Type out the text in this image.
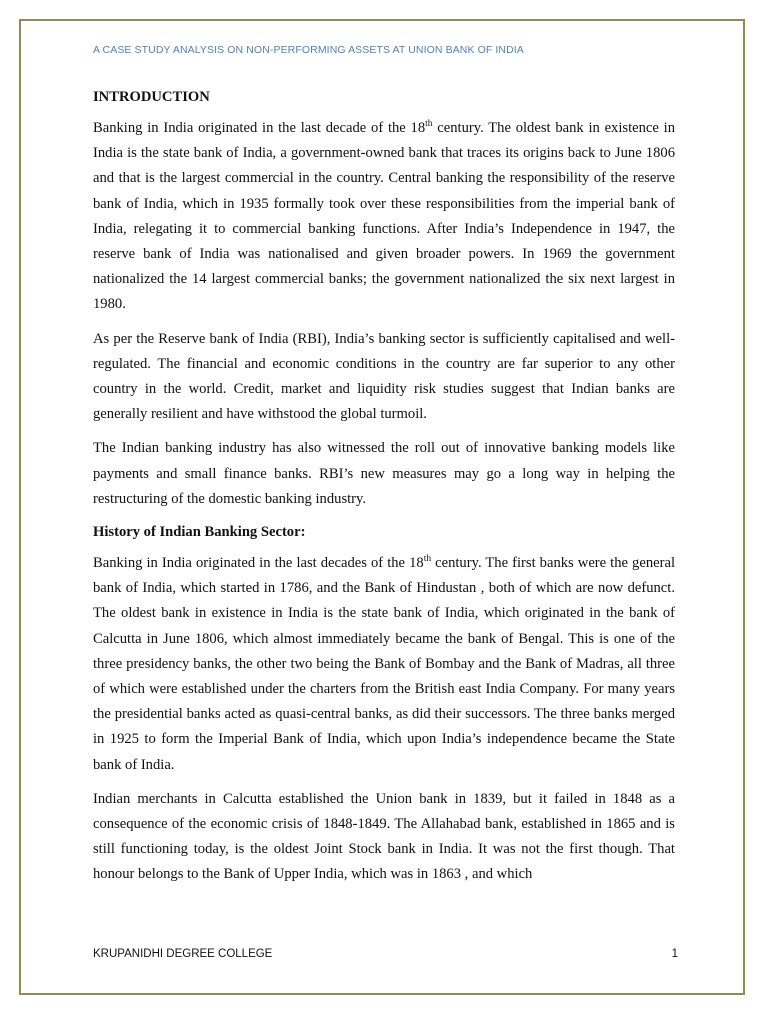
A CASE STUDY ANALYSIS ON NON-PERFORMING ASSETS AT UNION BANK OF INDIA
INTRODUCTION

Banking in India originated in the last decade of the 18th century. The oldest bank in existence in India is the state bank of India, a government-owned bank that traces its origins back to June 1806 and that is the largest commercial in the country. Central banking the responsibility of the reserve bank of India, which in 1935 formally took over these responsibilities from the imperial bank of India, relegating it to commercial banking functions. After India’s Independence in 1947, the reserve bank of India was nationalised and given broader powers. In 1969 the government nationalized the 14 largest commercial banks; the government nationalized the six next largest in 1980.

As per the Reserve bank of India (RBI), India’s banking sector is sufficiently capitalised and well-regulated. The financial and economic conditions in the country are far superior to any other country in the world. Credit, market and liquidity risk studies suggest that Indian banks are generally resilient and have withstood the global turmoil.

The Indian banking industry has also witnessed the roll out of innovative banking models like payments and small finance banks. RBI’s new measures may go a long way in helping the restructuring of the domestic banking industry.

History of Indian Banking Sector:

Banking in India originated in the last decades of the 18th century. The first banks were the general bank of India, which started in 1786, and the Bank of Hindustan , both of which are now defunct. The oldest bank in existence in India is the state bank of India, which originated in the bank of Calcutta in June 1806, which almost immediately became the bank of Bengal. This is one of the three presidency banks, the other two being the Bank of Bombay and the Bank of Madras, all three of which were established under the charters from the British east India Company. For many years the presidential banks acted as quasi-central banks, as did their successors. The three banks merged in 1925 to form the Imperial Bank of India, which upon India’s independence became the State bank of India.

Indian merchants in Calcutta established the Union bank in 1839, but it failed in 1848 as a consequence of the economic crisis of 1848-1849. The Allahabad bank, established in 1865 and is still functioning today, is the oldest Joint Stock bank in India. It was not the first though. That honour belongs to the Bank of Upper India, which was in 1863 , and which

KRUPANIDHI DEGREE COLLEGE	1
